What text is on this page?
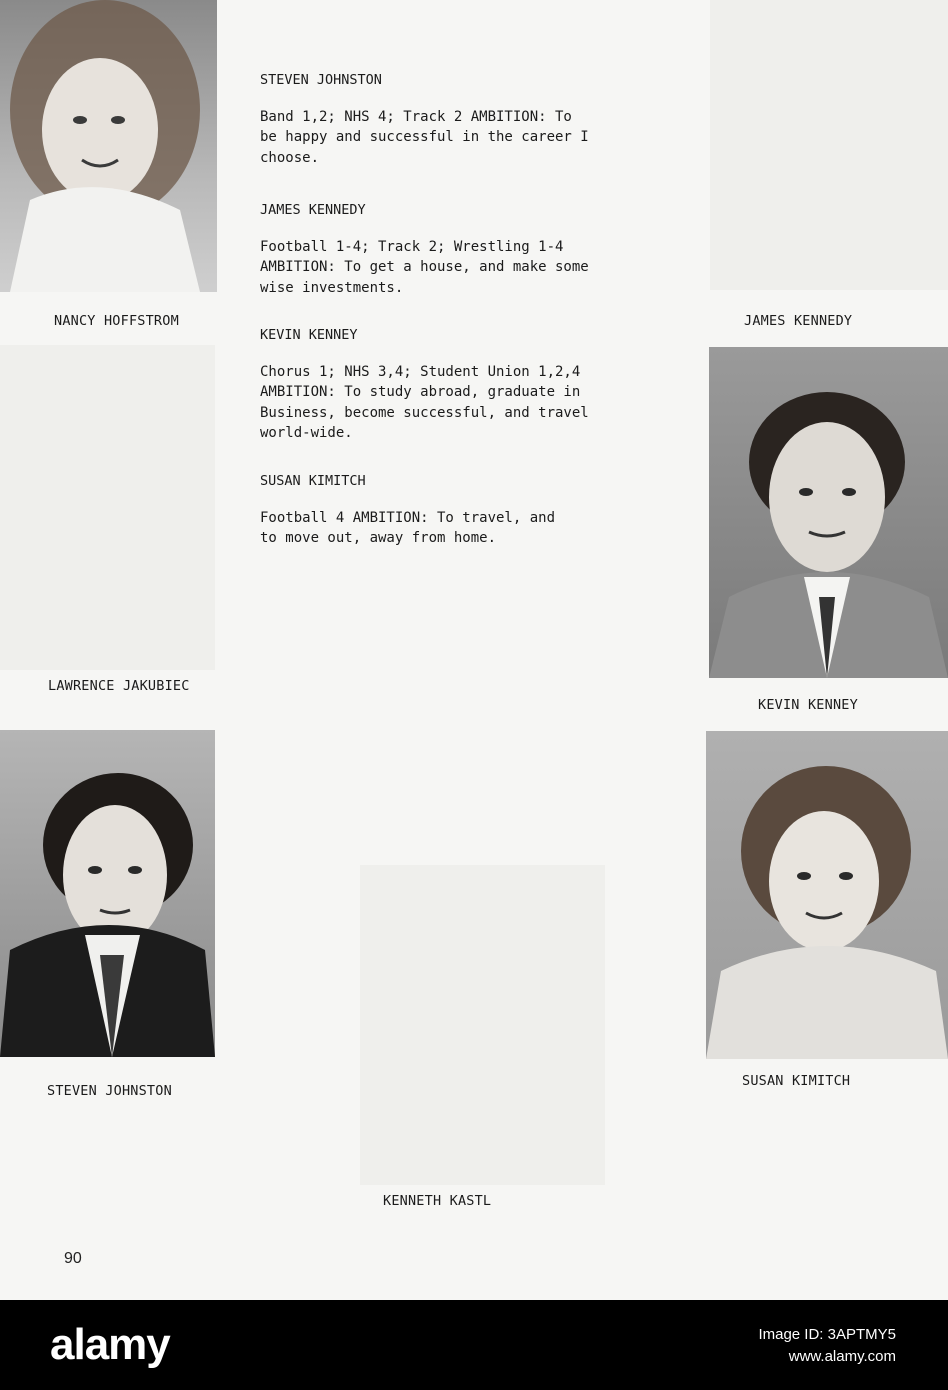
NANCY HOFFSTROM	JAMES KENNEDY
LAWRENCE JAKUBIEC
KEVIN KENNEY
STEVEN JOHNSTON
SUSAN KIMITCH
KENNETH KASTL
STEVEN JOHNSTON

Band 1,2; NHS 4; Track 2 AMBITION: To
be happy and successful in the career I
choose.

JAMES KENNEDY

Football 1-4; Track 2; Wrestling 1-4
AMBITION: To get a house, and make some
wise investments.

KEVIN KENNEY

Chorus 1; NHS 3,4; Student Union 1,2,4
AMBITION: To study abroad, graduate in
Business, become successful, and travel
world-wide.

SUSAN KIMITCH

Football 4 AMBITION: To travel, and
to move out, away from home.

90
alamy	Image ID: 3APTMY5
www.alamy.com
